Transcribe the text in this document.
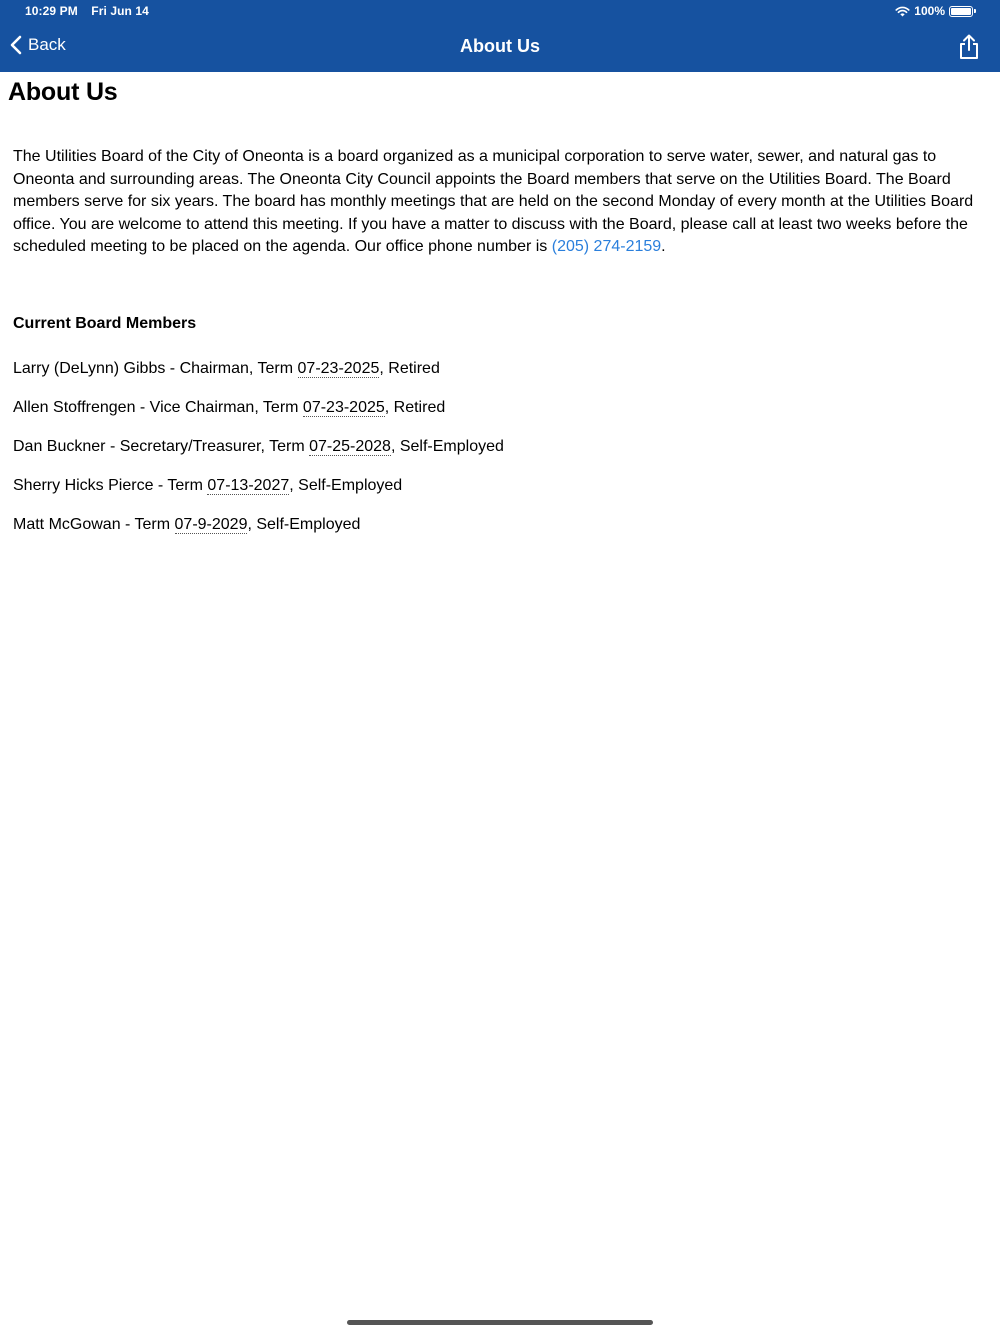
10:29 PM Fri Jun 14	100%
Back	About Us
About Us

The Utilities Board of the City of Oneonta is a board organized as a municipal corporation to serve water, sewer, and natural gas to Oneonta and surrounding areas. The Oneonta City Council appoints the Board members that serve on the Utilities Board. The Board members serve for six years. The board has monthly meetings that are held on the second Monday of every month at the Utilities Board office. You are welcome to attend this meeting. If you have a matter to discuss with the Board, please call at least two weeks before the scheduled meeting to be placed on the agenda. Our office phone number is (205) 274-2159.

Current Board Members
Larry (DeLynn) Gibbs - Chairman, Term 07-23-2025, Retired
Allen Stoffrengen - Vice Chairman, Term 07-23-2025, Retired
Dan Buckner - Secretary/Treasurer, Term 07-25-2028, Self-Employed
Sherry Hicks Pierce - Term 07-13-2027, Self-Employed
Matt McGowan - Term 07-9-2029, Self-Employed
